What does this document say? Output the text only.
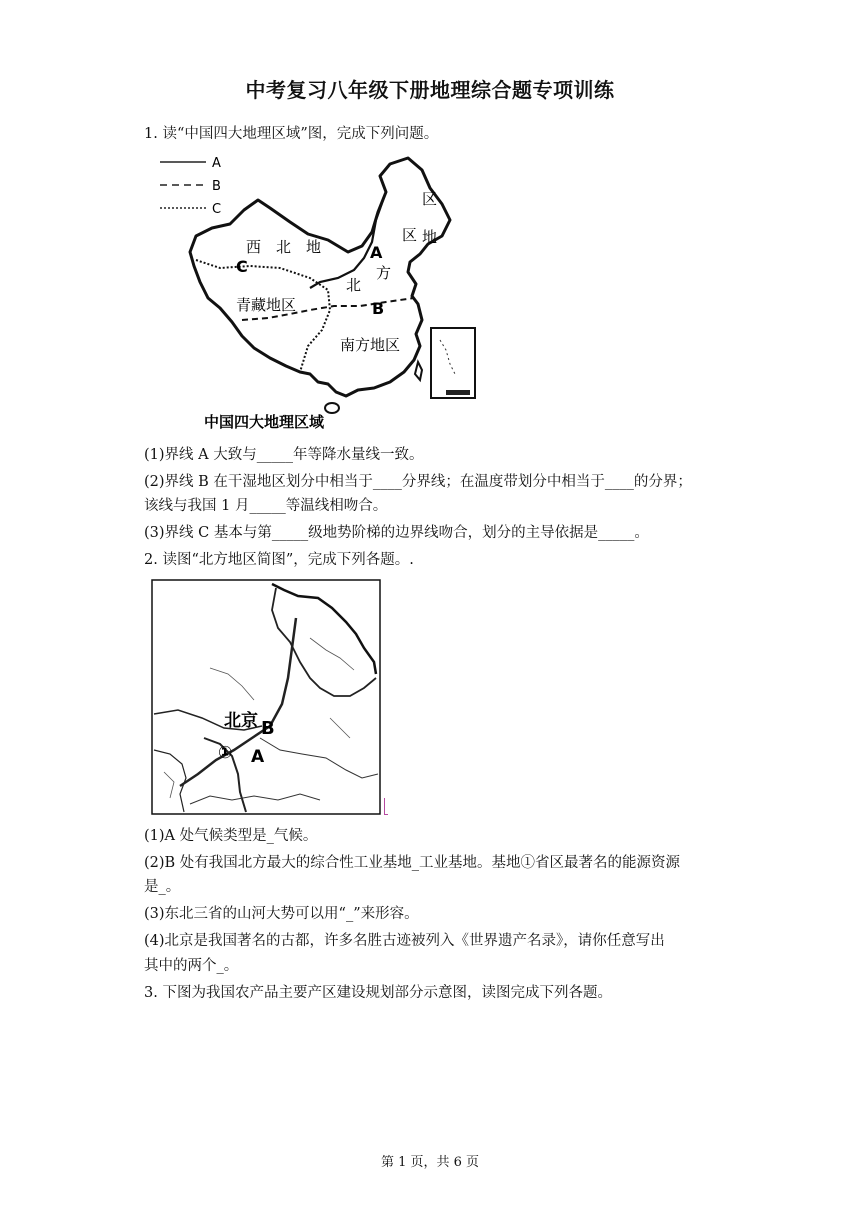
中考复习八年级下册地理综合题专项训练
1. 读“中国四大地理区域”图，完成下列问题。
A
B
C
西　北　地
青藏地区
南方地区
北
方
区
区 地
A
B
C
中国四大地理区域
(1)界线 A 大致与_____年等降水量线一致。
(2)界线 B 在干湿地区划分中相当于____分界线；在温度带划分中相当于____的分界；
该线与我国 1 月_____等温线相吻合。
(3)界线 C 基本与第_____级地势阶梯的边界线吻合，划分的主导依据是_____。
2. 读图“北方地区简图”，完成下列各题。.
北京 B
① A
(1)A 处气候类型是_气候。
(2)B 处有我国北方最大的综合性工业基地_工业基地。基地①省区最著名的能源资源
是_。
(3)东北三省的山河大势可以用“_”来形容。
(4)北京是我国著名的古都，许多名胜古迹被列入《世界遗产名录》，请你任意写出
其中的两个_。
3. 下图为我国农产品主要产区建设规划部分示意图，读图完成下列各题。
第 1 页，共 6 页
